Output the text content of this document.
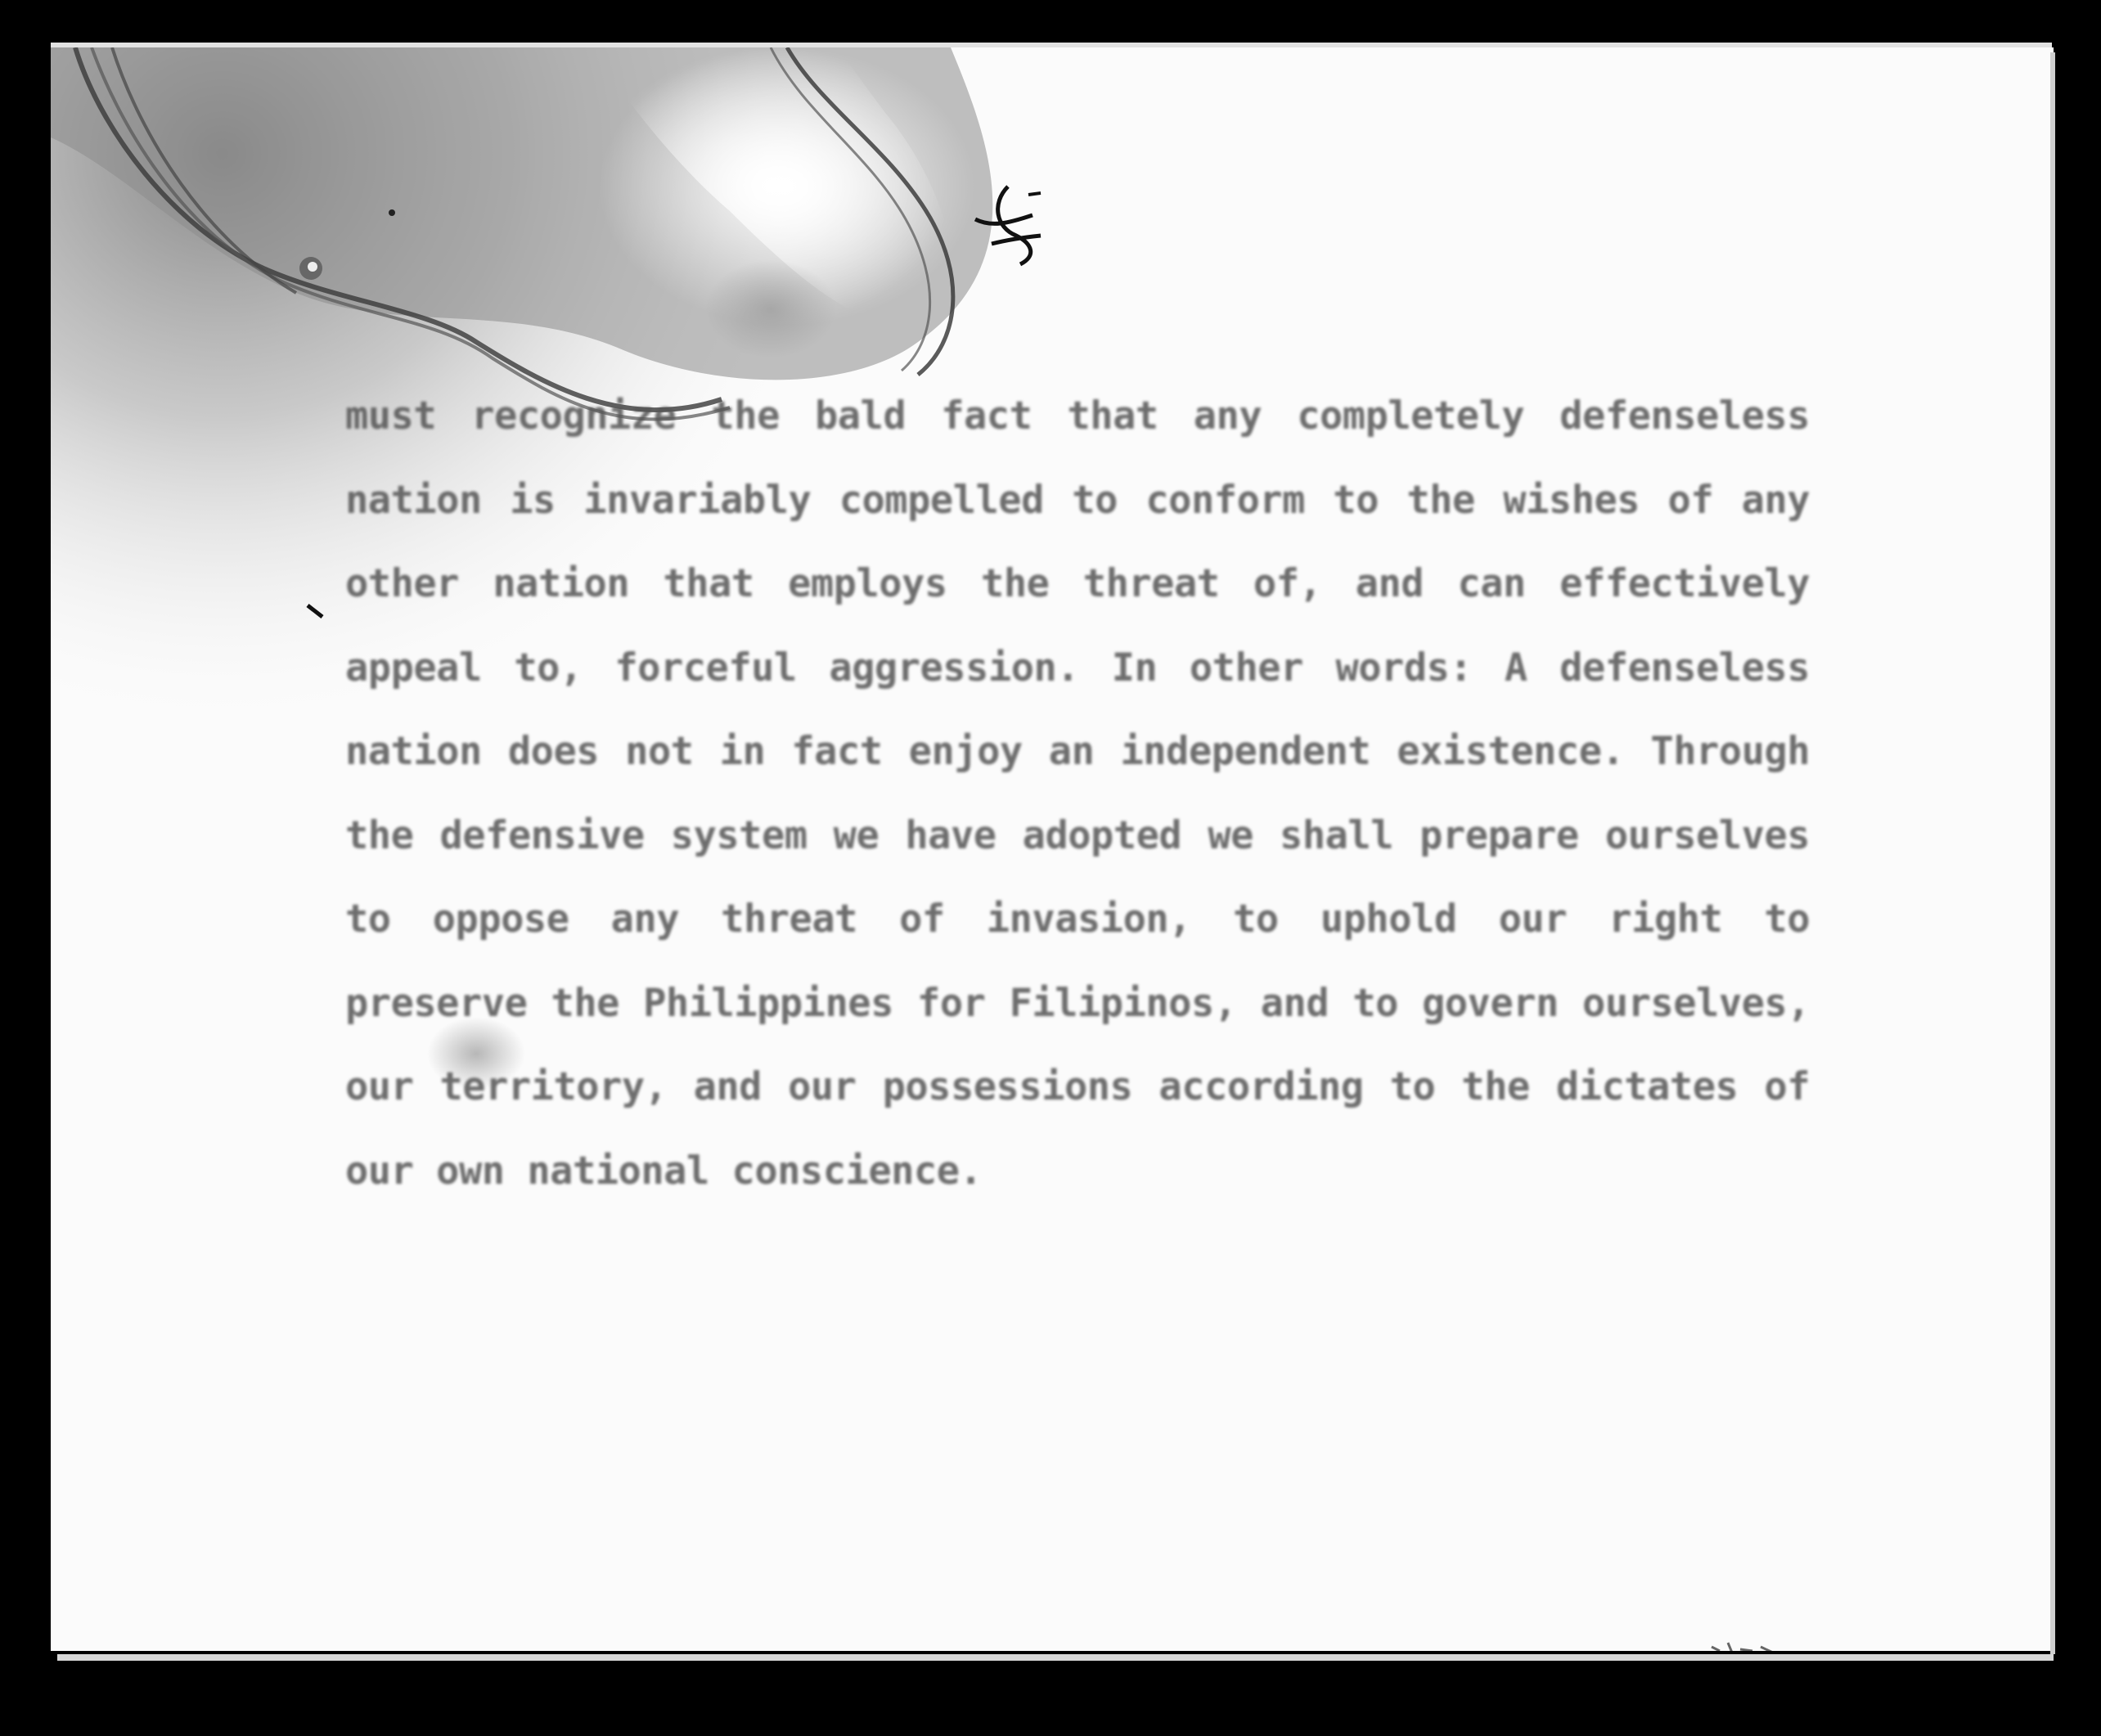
must recognize the bald fact that any completely defenseless nation is invariably compelled to conform to the wishes of any other nation that employs the threat of, and can effectively appeal to, forceful aggression. In other words: A defenseless nation does not in fact enjoy an independent existence. Through the defensive system we have adopted we shall prepare ourselves to oppose any threat of invasion, to uphold our right to preserve the Philippines for Filipinos, and to govern ourselves, our territory, and our possessions according to the dictates of our own national conscience.
